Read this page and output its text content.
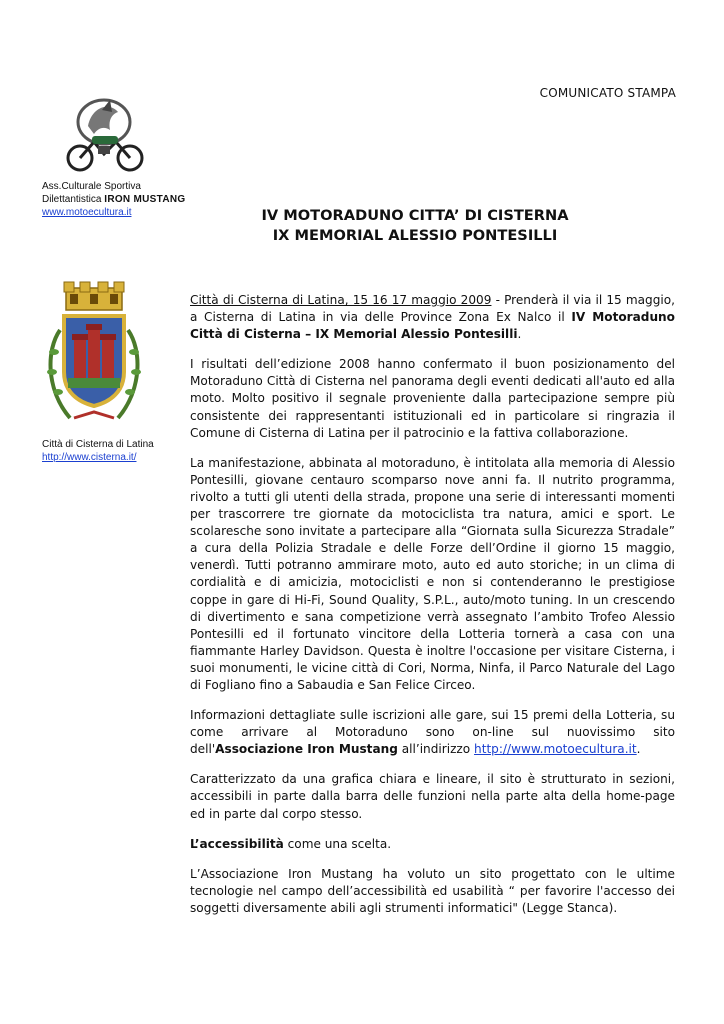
COMUNICATO STAMPA
Ass.Culturale Sportiva
Dilettantistica IRON MUSTANG
www.motoecultura.it
Città di Cisterna di Latina
http://www.cisterna.it/
IV MOTORADUNO CITTA’ DI CISTERNA
IX MEMORIAL ALESSIO PONTESILLI

Città di Cisterna di Latina, 15 16 17 maggio 2009 - Prenderà il via il 15 maggio, a Cisterna di Latina in via delle Province Zona Ex Nalco il IV Motoraduno Città di Cisterna – IX Memorial Alessio Pontesilli.

I risultati dell’edizione 2008 hanno confermato il buon posizionamento del Motoraduno Città di Cisterna nel panorama degli eventi dedicati all'auto ed alla moto. Molto positivo il segnale proveniente dalla partecipazione sempre più consistente dei rappresentanti istituzionali ed in particolare si ringrazia il Comune di Cisterna di Latina per il patrocinio e la fattiva collaborazione.

La manifestazione, abbinata al motoraduno, è intitolata alla memoria di Alessio Pontesilli, giovane centauro scomparso nove anni fa. Il nutrito programma, rivolto a tutti gli utenti della strada, propone una serie di interessanti momenti per trascorrere tre giornate da motociclista tra natura, amici e sport. Le scolaresche sono invitate a partecipare alla “Giornata sulla Sicurezza Stradale” a cura della Polizia Stradale e delle Forze dell’Ordine il giorno 15 maggio, venerdì. Tutti potranno ammirare moto, auto ed auto storiche; in un clima di cordialità e di amicizia, motociclisti e non si contenderanno le prestigiose coppe in gare di Hi-Fi, Sound Quality, S.P.L., auto/moto tuning. In un crescendo di divertimento e sana competizione verrà assegnato l’ambito Trofeo Alessio Pontesilli ed il fortunato vincitore della Lotteria tornerà a casa con una fiammante Harley Davidson. Questa è inoltre l'occasione per visitare Cisterna, i suoi monumenti, le vicine città di Cori, Norma, Ninfa, il Parco Naturale del Lago di Fogliano fino a Sabaudia e San Felice Circeo.

Informazioni dettagliate sulle iscrizioni alle gare, sui 15 premi della Lotteria, su come arrivare al Motoraduno sono on-line sul nuovissimo sito dell'Associazione Iron Mustang all’indirizzo http://www.motoecultura.it.

Caratterizzato da una grafica chiara e lineare, il sito è strutturato in sezioni, accessibili in parte dalla barra delle funzioni nella parte alta della home-page ed in parte dal corpo stesso.

L’accessibilità come una scelta.

L’Associazione Iron Mustang ha voluto un sito progettato con le ultime tecnologie nel campo dell’accessibilità ed usabilità “ per favorire l'accesso dei soggetti diversamente abili agli strumenti informatici" (Legge Stanca).
